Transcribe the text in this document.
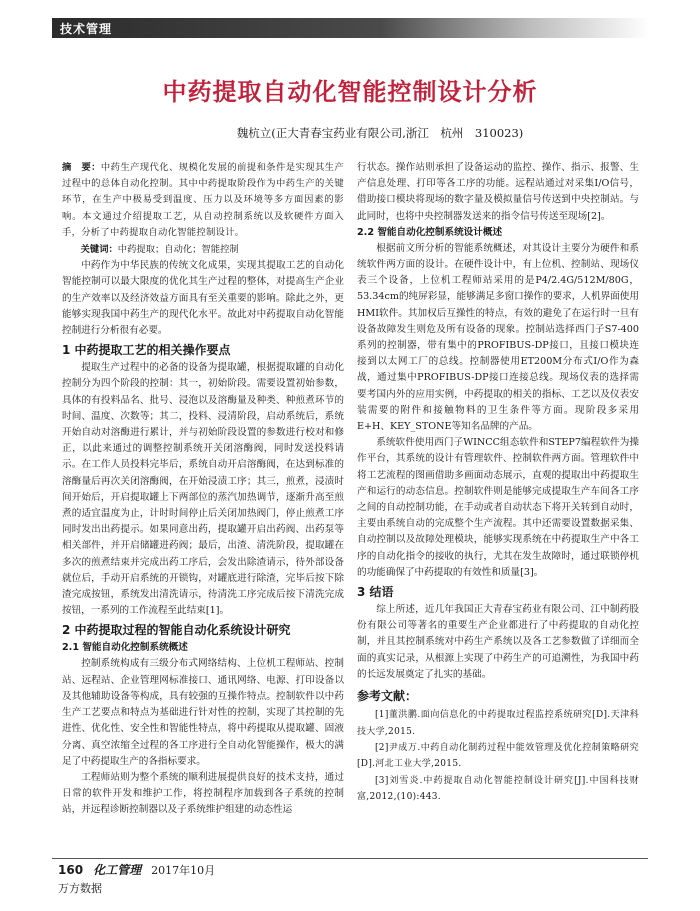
技术管理
中药提取自动化智能控制设计分析
魏杭立(正大青春宝药业有限公司,浙江　杭州　310023)
摘　要：中药生产现代化、规模化发展的前提和条件是实现其生产过程中的总体自动化控制。其中中药提取阶段作为中药生产的关键环节，在生产中极易受到温度、压力以及环境等多方面因素的影响。本文通过介绍提取工艺，从自动控制系统以及软硬件方面入手，分析了中药提取自动化智能控制设计。
关键词：中药提取；自动化；智能控制
中药作为中华民族的传统文化成果，实现其提取工艺的自动化智能控制可以最大限度的优化其生产过程的整体，对提高生产企业的生产效率以及经济效益方面具有至关重要的影响。除此之外，更能够实现我国中药生产的现代化水平。故此对中药提取自动化智能控制进行分析很有必要。
1 中药提取工艺的相关操作要点
提取生产过程中的必备的设备为提取罐，根据提取罐的自动化控制分为四个阶段的控制：其一，初始阶段。需要设置初始参数，具体的有投料品名、批号、浸泡以及溶酶量及种类、种煎煮环节的时间、温度、次数等；其二，投料、浸清阶段，启动系统后，系统开始自动对溶酶进行累计，并与初始阶段设置的参数进行校对和修正，以此来通过的调整控制系统开关闭溶酶阀，同时发送投料请示。在工作人员投料完毕后，系统自动开启溶酶阀，在达到标准的溶酶量后再次关闭溶酶阀，在开始浸渍工序；其三，煎煮，浸渍时间开始后，开启提取罐上下两部位的蒸汽加热调节，逐渐升高至煎煮的适宜温度为止，计时时间停止后关闭加热阀门，停止煎煮工序同时发出出药提示。如果同意出药，提取罐开启出药阀、出药泵等相关部件，并开启储罐进药阀；最后，出渣、清洗阶段，提取罐在多次的煎煮结束并完成出药工序后，会发出除渣请示，待外部设备就位后，手动开启系统的开锁钩，对罐底进行除渣，完毕后按下除渣完成按钮，系统发出清洗请示，待清洗工序完成后按下清洗完成按钮，一系列的工作流程至此结束[1]。
2 中药提取过程的智能自动化系统设计研究
2.1 智能自动化控制系统概述
控制系统构成有三级分布式网络结构、上位机工程师站、控制站、远程站、企业管理网标准接口、通讯网络、电源、打印设备以及其他辅助设备等构成，具有较强的互操作特点。控制软件以中药生产工艺要点和特点为基础进行针对性的控制，实现了其控制的先进性、优化性、安全性和智能性特点，将中药提取从提取罐、固液分离、真空浓缩全过程的各工序进行全自动化智能操作，极大的满足了中药提取生产的各指标要求。
工程师站则为整个系统的顺利进展提供良好的技术支持，通过日常的软件开发和维护工作，将控制程序加载到各子系统的控制站，并远程诊断控制器以及子系统维护组建的动态性运
行状态。操作站则承担了设备运动的监控、操作、指示、报警、生产信息处理、打印等各工序的功能。远程站通过对采集I/O信号，借助接口模块将现场的数字量及模拟量信号传送到中央控制站。与此同时，也将中央控制器发送来的指令信号传送至现场[2]。
2.2 智能自动化控制系统设计概述
根据前文所分析的智能系统概述，对其设计主要分为硬件和系统软件两方面的设计。在硬件设计中，有上位机、控制站、现场仪表三个设备，上位机工程师站采用的是P4/2.4G/512M/80G，53.34cm的纯屏彩显，能够满足多窗口操作的要求，人机界面使用HMI软件。其加权后互操性的特点，有效的避免了在运行时一旦有设备故障发生则危及所有设备的现象。控制站选择西门子S7-400系列的控制器，带有集中的PROFIBUS-DP接口，且接口模块连接到以太网工厂的总线。控制器使用ET200M分布式I/O作为森战，通过集中PROFIBUS-DP接口连接总线。现场仪表的选择需要考国内外的应用实例，中药提取的相关的指标、工艺以及仪表安装需要的附件和接触物料的卫生条件等方面。现阶段多采用E+H、KEY_STONE等知名品牌的产品。
系统软件使用西门子WINCC组态软件和STEP7编程软件为操作平台，其系统的设计有管理软件、控制软件两方面。管理软件中将工艺流程的图画借助多画面动态展示，直观的提取出中药提取生产和运行的动态信息。控制软件则是能够完成提取生产车间各工序之间的自动控制功能，在手动或者自动状态下将开关转到自动时，主要由系统自动的完成整个生产流程。其中还需要设置数据采集、自动控制以及故障处理模块，能够实现系统在中药提取生产中各工序的自动化指令的接收的执行，尤其在发生故障时，通过联锁停机的功能确保了中药提取的有效性和质量[3]。
3 结语
综上所述，近几年我国正大青春宝药业有限公司、江中制药股份有限公司等著名的重要生产企业都进行了中药提取的自动化控制，并且其控制系统对中药生产系统以及各工艺参数做了详细而全面的真实记录，从根源上实现了中药生产的可追溯性，为我国中药的长远发展奠定了扎实的基础。
参考文献：
[1]董洪鹏.面向信息化的中药提取过程监控系统研究[D].天津科技大学,2015.
[2]尹成万.中药自动化制药过程中能效管理及优化控制策略研究[D].河北工业大学,2015.
[3]刘雪炎.中药提取自动化智能控制设计研究[J].中国科技财富,2012,(10):443.
160 化工管理 2017年10月
万方数据
